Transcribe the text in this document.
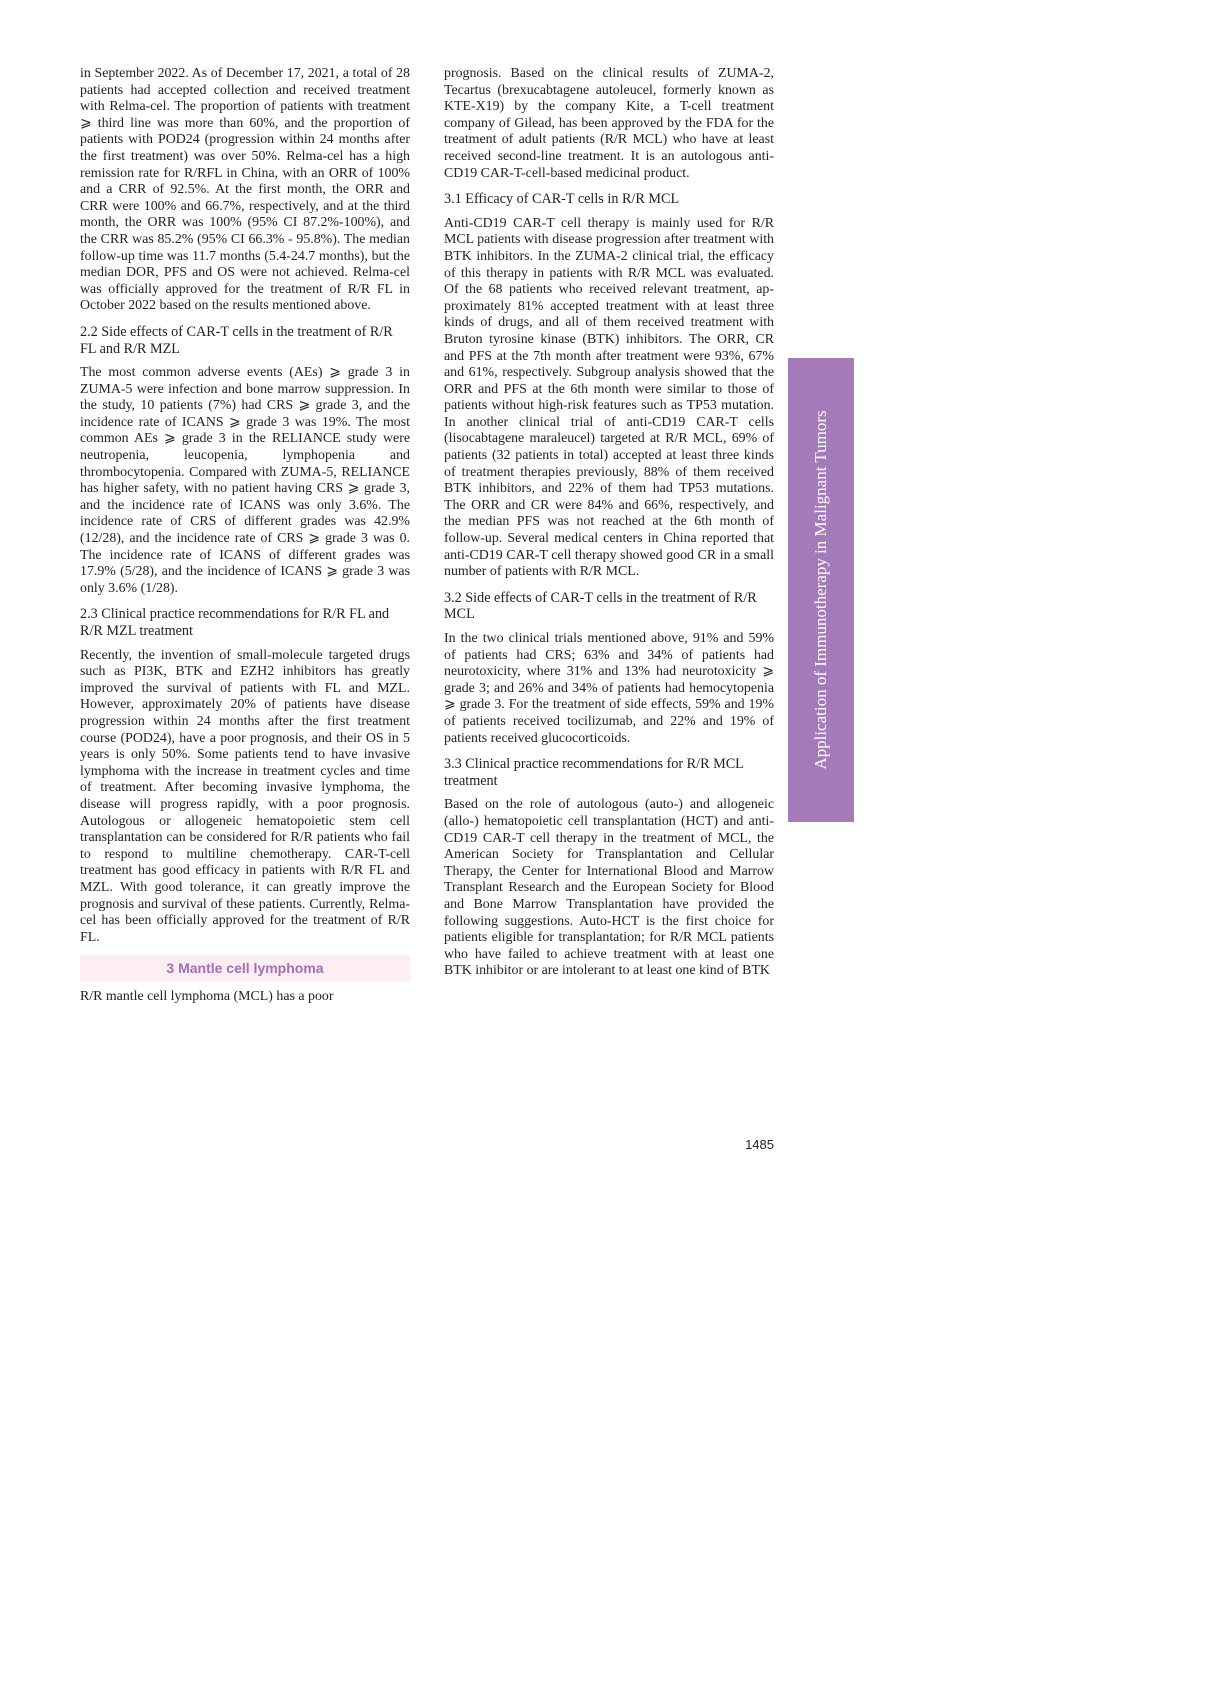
in September 2022. As of December 17, 2021, a total of 28 patients had accepted collection and received treatment with Relma-cel. The proportion of patients with treatment ⩾ third line was more than 60%, and the proportion of patients with POD24 (progression within 24 months after the first treatment) was over 50%. Relma-cel has a high remission rate for R/RFL in China, with an ORR of 100% and a CRR of 92.5%. At the first month, the ORR and CRR were 100% and 66.7%, respectively, and at the third month, the ORR was 100% (95% CI 87.2%-100%), and the CRR was 85.2% (95% CI 66.3% - 95.8%). The median follow-up time was 11.7 months (5.4-24.7 months), but the median DOR, PFS and OS were not achieved. Relma-cel was officially approved for the treatment of R/R FL in October 2022 based on the results mentioned above.

2.2 Side effects of CAR-T cells in the treatment of R/R FL and R/R MZL

The most common adverse events (AEs) ⩾ grade 3 in ZUMA-5 were infection and bone marrow suppression. In the study, 10 patients (7%) had CRS ⩾ grade 3, and the incidence rate of ICANS ⩾ grade 3 was 19%. The most common AEs ⩾ grade 3 in the RELIANCE study were neutropenia, leucopenia, lymphopenia and thrombocytopenia. Compared with ZUMA-5, RELIANCE has higher safety, with no patient having CRS ⩾ grade 3, and the incidence rate of ICANS was only 3.6%. The incidence rate of CRS of different grades was 42.9% (12/28), and the incidence rate of CRS ⩾ grade 3 was 0. The incidence rate of ICANS of different grades was 17.9% (5/28), and the incidence of ICANS ⩾ grade 3 was only 3.6% (1/28).

2.3 Clinical practice recommendations for R/R FL and R/R MZL treatment

Recently, the invention of small-molecule targeted drugs such as PI3K, BTK and EZH2 inhibitors has greatly improved the survival of patients with FL and MZL. However, approximately 20% of patients have disease progression within 24 months after the first treatment course (POD24), have a poor prognosis, and their OS in 5 years is only 50%. Some patients tend to have invasive lymphoma with the increase in treatment cycles and time of treatment. After becoming invasive lymphoma, the disease will progress rapidly, with a poor prognosis. Autologous or allogeneic hematopoietic stem cell transplantation can be considered for R/R patients who fail to respond to multiline chemotherapy. CAR-T-cell treatment has good efficacy in patients with R/R FL and MZL. With good tolerance, it can greatly improve the prognosis and survival of these patients. Currently, Relma-cel has been officially approved for the treatment of R/R FL.

3 Mantle cell lymphoma

R/R mantle cell lymphoma (MCL) has a poor

prognosis. Based on the clinical results of ZUMA-2, Tecartus (brexucabtagene autoleucel, formerly known as KTE-X19) by the company Kite, a T-cell treatment company of Gilead, has been approved by the FDA for the treatment of adult patients (R/R MCL) who have at least received second-line treatment. It is an autologous anti-CD19 CAR-T-cell-based medicinal product.

3.1 Efficacy of CAR-T cells in R/R MCL

Anti-CD19 CAR-T cell therapy is mainly used for R/R MCL patients with disease progression after treatment with BTK inhibitors. In the ZUMA-2 clinical trial, the efficacy of this therapy in patients with R/R MCL was evaluated. Of the 68 patients who received relevant treatment, approximately 81% accepted treatment with at least three kinds of drugs, and all of them received treatment with Bruton tyrosine kinase (BTK) inhibitors. The ORR, CR and PFS at the 7th month after treatment were 93%, 67% and 61%, respectively. Subgroup analysis showed that the ORR and PFS at the 6th month were similar to those of patients without high-risk features such as TP53 mutation. In another clinical trial of anti-CD19 CAR-T cells (lisocabtagene maraleucel) targeted at R/R MCL, 69% of patients (32 patients in total) accepted at least three kinds of treatment therapies previously, 88% of them received BTK inhibitors, and 22% of them had TP53 mutations. The ORR and CR were 84% and 66%, respectively, and the median PFS was not reached at the 6th month of follow-up. Several medical centers in China reported that anti-CD19 CAR-T cell therapy showed good CR in a small number of patients with R/R MCL.

3.2 Side effects of CAR-T cells in the treatment of R/R MCL

In the two clinical trials mentioned above, 91% and 59% of patients had CRS; 63% and 34% of patients had neurotoxicity, where 31% and 13% had neurotoxicity ⩾ grade 3; and 26% and 34% of patients had hemocytopenia ⩾ grade 3. For the treatment of side effects, 59% and 19% of patients received tocilizumab, and 22% and 19% of patients received glucocorticoids.

3.3 Clinical practice recommendations for R/R MCL treatment

Based on the role of autologous (auto-) and allogeneic (allo-) hematopoietic cell transplantation (HCT) and anti-CD19 CAR-T cell therapy in the treatment of MCL, the American Society for Transplantation and Cellular Therapy, the Center for International Blood and Marrow Transplant Research and the European Society for Blood and Bone Marrow Transplantation have provided the following suggestions. Auto-HCT is the first choice for patients eligible for transplantation; for R/R MCL patients who have failed to achieve treatment with at least one BTK inhibitor or are intolerant to at least one kind of BTK

Application of Immunotherapy in Malignant Tumors
1485
